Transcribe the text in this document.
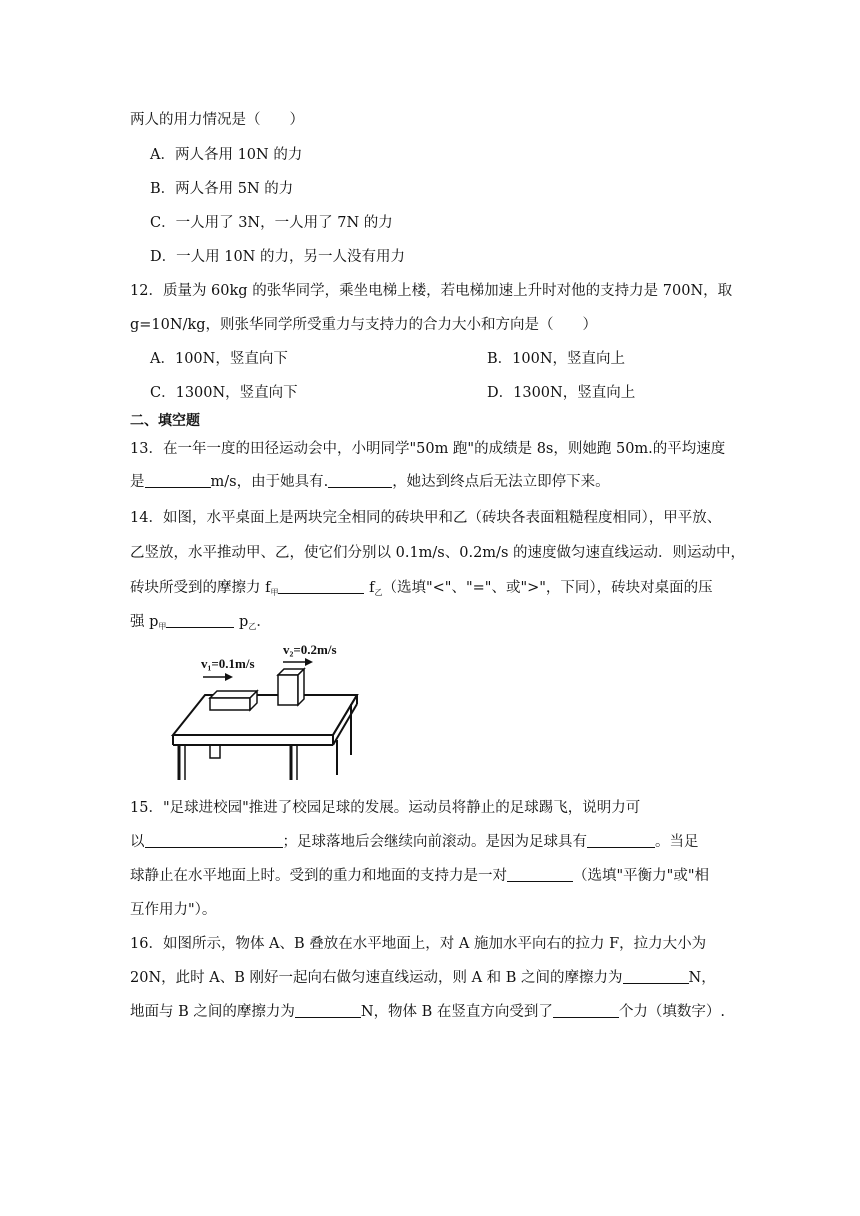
两人的用力情况是（　　）
A．两人各用 10N 的力
B．两人各用 5N 的力
C．一人用了 3N，一人用了 7N 的力
D．一人用 10N 的力，另一人没有用力
12．质量为 60kg 的张华同学，乘坐电梯上楼，若电梯加速上升时对他的支持力是 700N，取
g=10N/kg，则张华同学所受重力与支持力的合力大小和方向是（　　）
A．100N，竖直向下	B．100N，竖直向上
C．1300N，竖直向下	D．1300N，竖直向上
二、填空题
13．在一年一度的田径运动会中，小明同学"50m 跑"的成绩是 8s，则她跑 50m.的平均速度
是	m/s，由于她具有.	，她达到终点后无法立即停下来。
14．如图，水平桌面上是两块完全相同的砖块甲和乙（砖块各表面粗糙程度相同），甲平放、
乙竖放，水平推动甲、乙，使它们分别以 0.1m/s、0.2m/s 的速度做匀速直线运动．则运动中，
砖块所受到的摩擦力 $f_甲$	$f_乙$（选填"<"、"="、或">"，下同），砖块对桌面的压
强 $p_甲$	$p_乙$．
v₁=0.1m/s
v₂=0.2m/s
15．"足球进校园"推进了校园足球的发展。运动员将静止的足球踢飞，说明力可
以	；足球落地后会继续向前滚动。是因为足球具有	。当足
球静止在水平地面上时。受到的重力和地面的支持力是一对	（选填"平衡力"或"相
互作用力"）。
16．如图所示，物体 A、B 叠放在水平地面上，对 A 施加水平向右的拉力 F，拉力大小为
20N，此时 A、B 刚好一起向右做匀速直线运动，则 A 和 B 之间的摩擦力为	N，
地面与 B 之间的摩擦力为	N，物体 B 在竖直方向受到了	个力（填数字）.
